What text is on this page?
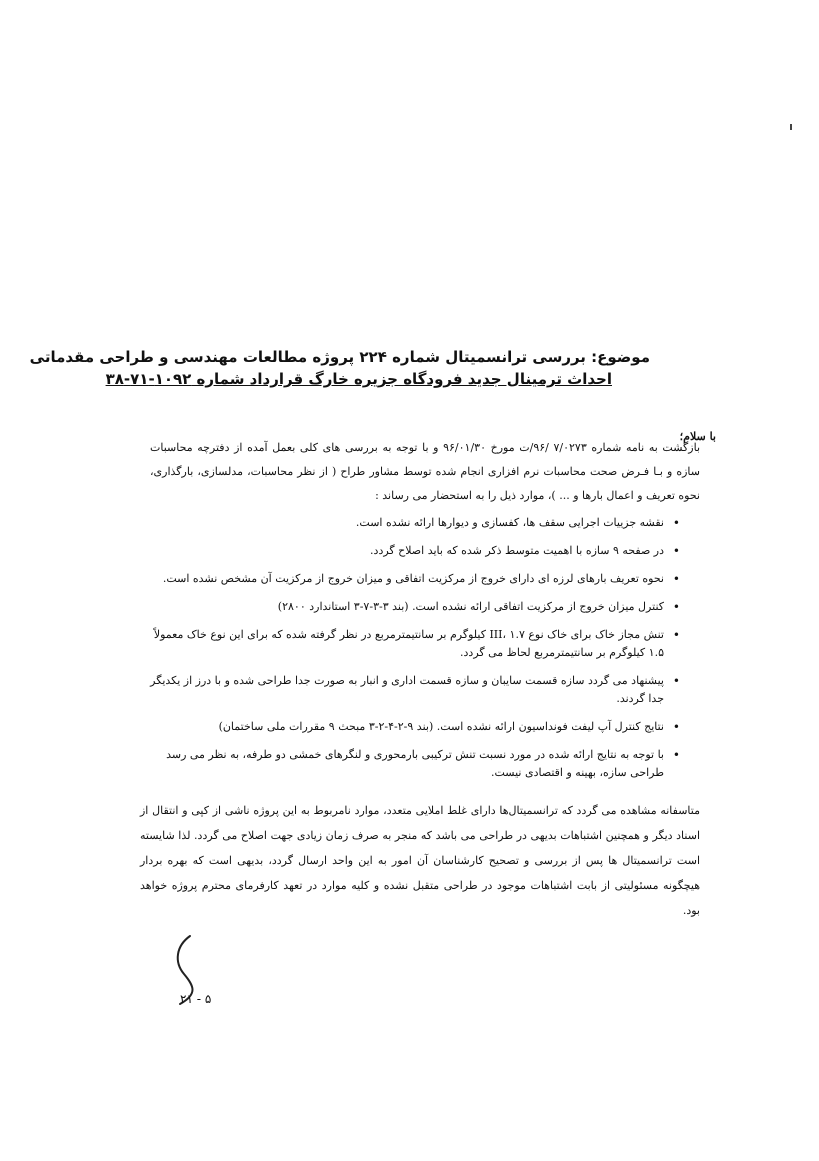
موضوع: بررسی ترانسمیتال شماره ۲۲۴ پروژه مطالعات مهندسی و طراحی مقدماتی
احداث ترمینال جدید فرودگاه جزیره خارگ قرارداد شماره ۱۰۹۲-۷۱-۳۸
با سلام؛
بازگشت به نامه شماره ۷/۰۲۷۳ /۹۶/ت مورخ ۹۶/۰۱/۳۰ و با توجه به بررسی های کلی بعمل آمده از دفترچه محاسبات سازه و بـا فـرض صحت محاسبات نرم افزاری انجام شده توسط مشاور طراح ( از نظر محاسبات، مدلسازی، بارگذاری، نحوه تعریف و اعمال بارها و ... )، موارد ذیل را به استحضار می رساند :
•
نقشه جزییات اجرایی سقف ها، کفسازی و دیوارها ارائه نشده است.
•
در صفحه ۹ سازه با اهمیت متوسط ذکر شده که باید اصلاح گردد.
•
نحوه تعریف بارهای لرزه ای دارای خروج از مرکزیت اتفاقی و میزان خروج از مرکزیت آن مشخص نشده است.
•
کنترل میزان خروج از مرکزیت اتفاقی ارائه نشده است. (بند ۳-۳-۷-۳ استاندارد ۲۸۰۰)
•
تنش مجاز خاک برای خاک نوع III، ۱.۷ کیلوگرم بر سانتیمترمربع در نظر گرفته شده که برای این نوع خاک معمولاً ۱.۵ کیلوگرم بر سانتیمترمربع لحاظ می گردد.
•
پیشنهاد می گردد سازه قسمت سایبان و سازه قسمت اداری و انبار به صورت جدا طراحی شده و با درز از یکدیگر جدا گردند.
•
نتایج کنترل آپ لیفت فونداسیون ارائه نشده است. (بند ۹-۲-۴-۲-۳ مبحث ۹ مقررات ملی ساختمان)
•
با توجه به نتایج ارائه شده در مورد نسبت تنش ترکیبی بارمحوری و لنگرهای خمشی دو طرفه، به نظر می رسد طراحی سازه، بهینه و اقتصادی نیست.
متاسفانه مشاهده می گردد که ترانسمیتال‌ها دارای غلط املایی متعدد، موارد نامربوط به این پروژه ناشی از کپی و انتقال از اسناد دیگر و همچنین اشتباهات بدیهی در طراحی می باشد که منجر به صرف زمان زیادی جهت اصلاح می گردد. لذا شایسته است ترانسمیتال ها پس از بررسی و تصحیح کارشناسان آن امور به این واحد ارسال گردد، بدیهی است که بهره بردار هیچگونه مسئولیتی از بابت اشتباهات موجود در طراحی متقبل نشده و کلیه موارد در تعهد کارفرمای محترم پروژه خواهد بود.
۲۱ - ۵
